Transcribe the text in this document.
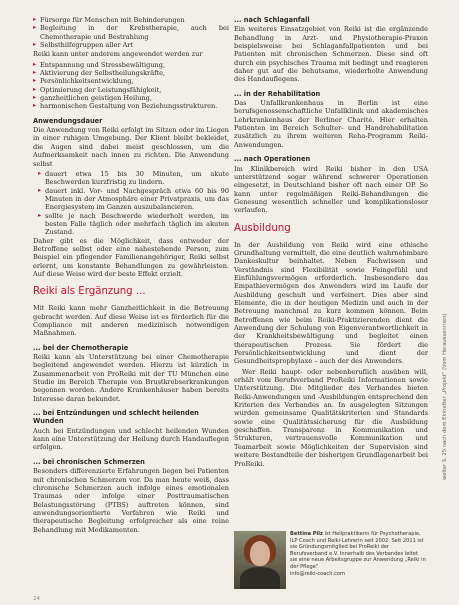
▸ Fürsorge für Menschen mit Behinderungen

▸ Begleitung in der Krebstherapie, auch bei Chemotherapie und Bestrahlung

▸ Selbsthilfegruppen aller Art

Reiki kann unter anderem angewendet werden zur

▸ Entspannung und Stressbewältigung,

▸ Aktivierung der Selbstheilungskräfte,

▸ Persönlichkeitsentwicklung,

▸ Optimierung der Leistungsfähigkeit,

▸ ganzheitlichen geistigen Heilung,

▸ harmonischen Gestaltung von Beziehungsstrukturen.

Anwendungsdauer

Die Anwendung von Reiki erfolgt im Sitzen oder im Liegen in einer ruhigen Umgebung. Der Klient bleibt bekleidet, die Augen sind dabei meist geschlossen, um die Aufmerksamkeit nach innen zu richten. Die Anwendung selbst

▸ dauert etwa 15 bis 30 Minuten, um akute Beschwerden kurzfristig zu lindern.

▸ dauert inkl. Vor- und Nachgespräch etwa 60 bis 90 Minuten in der Atmosphäre einer Privatpraxis, um das Energiesystem im Ganzen auszubalancieren.

▸ sollte je nach Beschwerde wiederholt werden, im besten Falle täglich oder mehrfach täglich im akuten Zustand.

Daher gibt es die Möglichkeit, dass entweder der Betroffene selbst oder eine nahestehende Person, zum Beispiel ein pflegender Familienangehöriger, Reiki selbst erlernt, um konstante Behandlungen zu gewährleisten. Auf diese Weise wird der beste Effekt erzielt.

Reiki als Ergänzung ...

Mit Reiki kann mehr Ganzheitlichkeit in die Betreuung gebracht werden. Auf diese Weise ist es förderlich für die Compliance mit anderen medizinisch notwendigen Maßnahmen.

... bei der Chemotherapie

Reiki kann als Unterstützung bei einer Chemotherapie begleitend angewendet werden. Hierzu ist kürzlich in Zusammenarbeit von ProReiki mit der TU München eine Studie im Bereich Therapie von Brustkrebserkrankungen begonnen worden. Andere Krankenhäuser haben bereits Interesse daran bekundet.

... bei Entzündungen und schlecht heilenden Wunden

Auch bei Entzündungen und schlecht heilenden Wunden kann eine Unterstützung der Heilung durch Handauflegen erfolgen.

... bei chronischen Schmerzen

Besonders differenzierte Erfahrungen liegen bei Patienten mit chronischen Schmerzen vor. Da man heute weiß, dass chronische Schmerzen auch infolge eines emotionalen Traumas oder infolge einer Posttraumatischen Belastungsstörung (PTBS) auftreten können, sind anwendungsorientierte Verfahren wie Reiki und therapeutische Begleitung erfolgreicher als eine reine Behandlung mit Medikamenten.

... nach Schlaganfall

Ein weiteres Einsatzgebiet von Reiki ist die ergänzende Behandlung in Arzt- und Physiotherapie-Praxen beispielsweise bei Schlaganfallpatienten und bei Patienten mit chronischen Schmerzen. Diese sind oft durch ein psychisches Trauma mit bedingt und reagieren daher gut auf die behutsame, wiederholte Anwendung des Handauflegens.

... in der Rehabilitation

Das Unfallkrankenhaus in Berlin ist eine berufsgenossenschaftliche Unfallklinik und akademisches Lehrkrankenhaus der Berliner Charité. Hier erhalten Patienten im Bereich Schulter- und Handrehabilitation zusätzlich zu ihrem weiteren Reha-Programm Reiki-Anwendungen.

... nach Operationen

Im Klinikbereich wird Reiki bisher in den USA unterstützend sogar während schwerer Operationen eingesetzt, in Deutschland bisher oft nach einer OP. So kann unter regelmäßigen Reiki-Behandlungen die Genesung wesentlich schneller und komplikationsloser verlaufen.

Ausbildung

In der Ausbildung von Reiki wird eine ethische Grundhaltung vermittelt, die eine deutlich wahrnehmbare Dankeskultur beinhaltet. Neben Fachwissen und Verständnis sind Flexibilität sowie Feingefühl und Einfühlungsvermögen erforderlich. Insbesondere das Empathievermögen des Anwenders wird im Laufe der Ausbildung geschult und verfeinert. Dies aber sind Elemente, die in der heutigen Medizin und auch in der Betreuung manchmal zu kurz kommen können. Beim Betroffenen wie beim Reiki-Praktizierenden dient die Anwendung der Schulung von Eigenverantwortlichkeit in der Krankheitsbewältigung und begleitet einen therapeutischen Prozess. Sie fördert die Persönlichkeitsentwicklung und dient der Gesundheitsprophylaxe – auch der des Anwenders.

Wer Reiki haupt- oder nebenberuflich ausüben will, erhält vom Berufsverband ProReiki Informationen sowie Unterstützung. Die Mitglieder des Verbandes bieten Reiki-Anwendungen und -Ausbildungen entsprechend den Kriterien des Verbandes an. In ausgelegten Sitzungen wurden gemeinsame Qualitätskriterien und Standards sowie eine Qualitätssicherung für die Ausbildung geschaffen. Transparenz in Kommunikation und Strukturen, vertrauensvolle Kommunikation und Teamarbeit sowie Möglichkeiten der Supervision sind weitere Bestandteile der bisherigen Grundlagenarbeit bei ProReiki.	weiter S. 25 nach dem Einhefter „Projekt“ (vom Heraussenrnen)
Bettina Pilz ist Heilpraktikerin für Psychotherapie, ILP Coach und Reiki-Lehrerin seit 2002. Seit 2011 ist sie Gründungsmitglied bei ProReiki der Berufsverband e.V. Innerhalb des Verbandes leitet sie eine neue Arbeitsgruppe zur Anwendung „Reiki in der Pflege“
info@reiki-coach.com
24
